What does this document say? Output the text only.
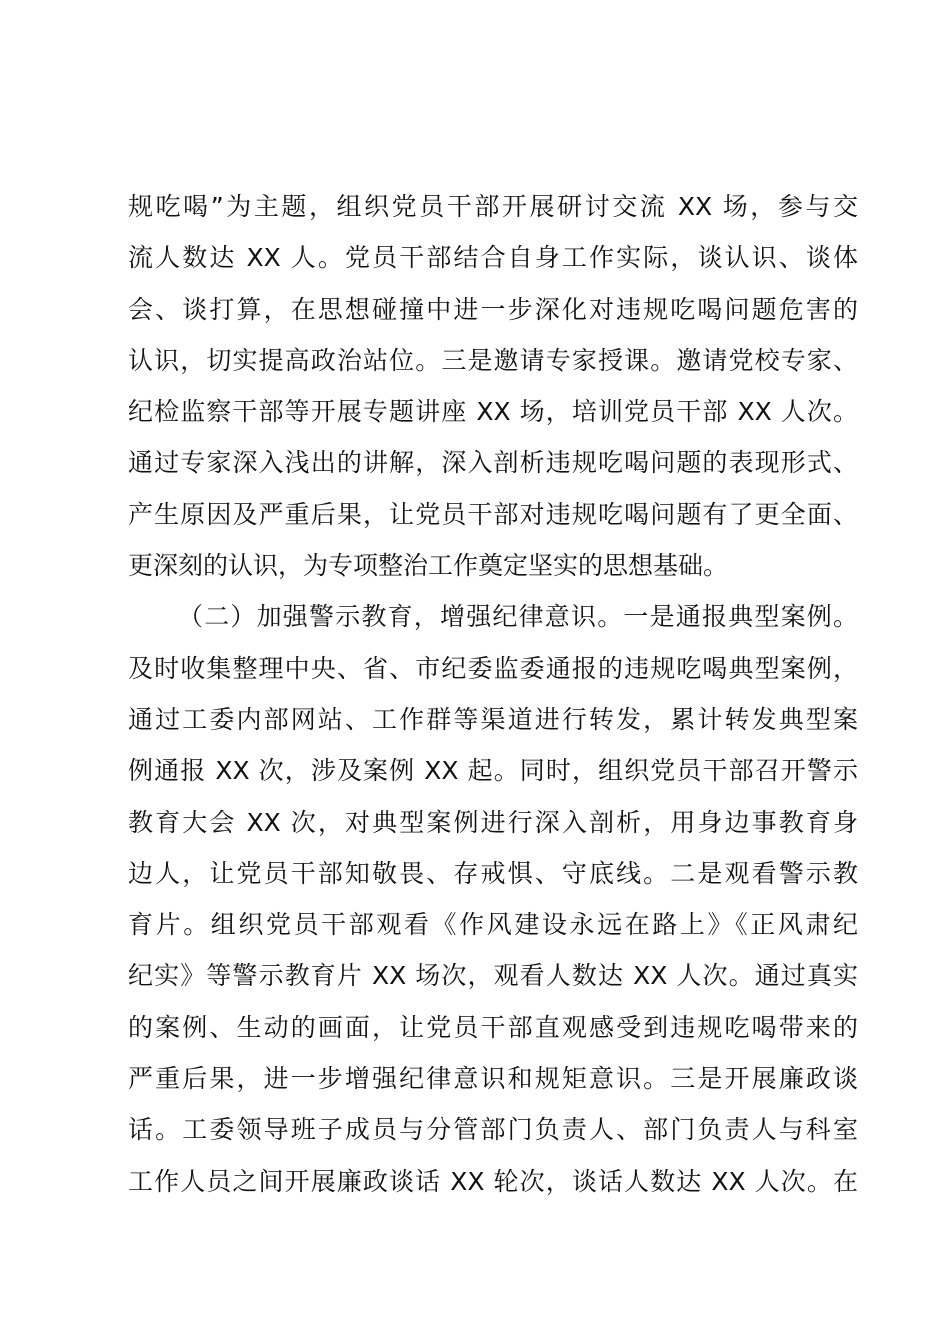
规吃喝”为主题，组织党员干部开展研讨交流 XX 场，参与交
流人数达 XX 人。党员干部结合自身工作实际，谈认识、谈体
会、谈打算，在思想碰撞中进一步深化对违规吃喝问题危害的
认识，切实提高政治站位。三是邀请专家授课。邀请党校专家、
纪检监察干部等开展专题讲座 XX 场，培训党员干部 XX 人次。
通过专家深入浅出的讲解，深入剖析违规吃喝问题的表现形式、
产生原因及严重后果，让党员干部对违规吃喝问题有了更全面、
更深刻的认识，为专项整治工作奠定坚实的思想基础。
（二）加强警示教育，增强纪律意识。一是通报典型案例。
及时收集整理中央、省、市纪委监委通报的违规吃喝典型案例，
通过工委内部网站、工作群等渠道进行转发，累计转发典型案
例通报 XX 次，涉及案例 XX 起。同时，组织党员干部召开警示
教育大会 XX 次，对典型案例进行深入剖析，用身边事教育身
边人，让党员干部知敬畏、存戒惧、守底线。二是观看警示教
育片。组织党员干部观看《作风建设永远在路上》《正风肃纪
纪实》等警示教育片 XX 场次，观看人数达 XX 人次。通过真实
的案例、生动的画面，让党员干部直观感受到违规吃喝带来的
严重后果，进一步增强纪律意识和规矩意识。三是开展廉政谈
话。工委领导班子成员与分管部门负责人、部门负责人与科室
工作人员之间开展廉政谈话 XX 轮次，谈话人数达 XX 人次。在
